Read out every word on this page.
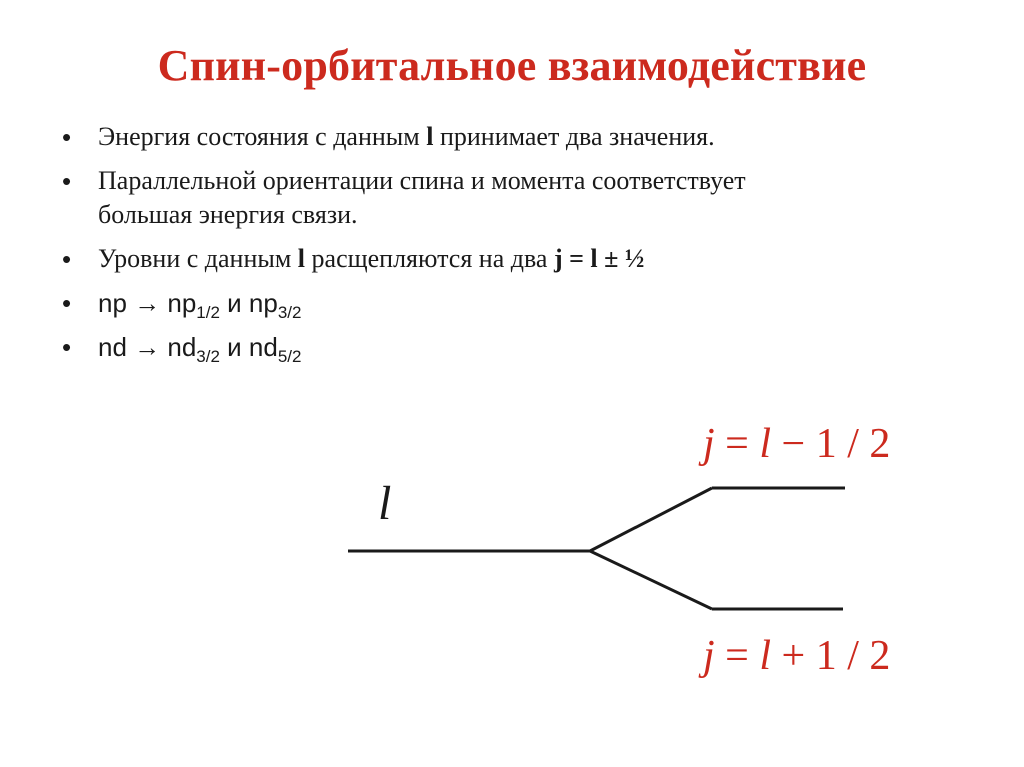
Спин-орбитальное взаимодействие
• Энергия состояния с данным l принимает два значения.
• Параллельной ориентации спина и момента соответствует
большая энергия связи.
• Уровни с данным l расщепляются на два j = l ± ½
• np → $np_{1/2}$ и $np_{3/2}$
• nd → $nd_{3/2}$ и $nd_{5/2}$
l
j = l − 1 / 2
j = l + 1 / 2
